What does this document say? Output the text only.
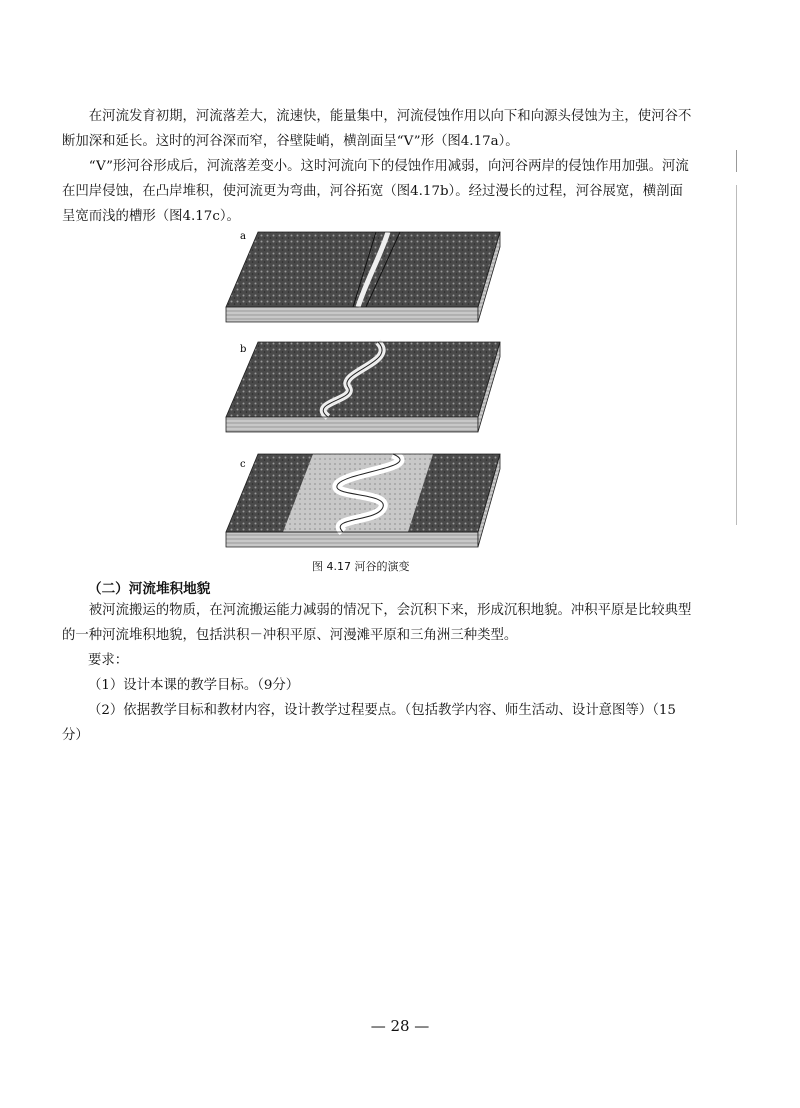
在河流发育初期，河流落差大，流速快，能量集中，河流侵蚀作用以向下和向源头侵蚀为主，使河谷不断加深和延长。这时的河谷深而窄，谷壁陡峭，横剖面呈“V”形（图4.17a）。
“V”形河谷形成后，河流落差变小。这时河流向下的侵蚀作用减弱，向河谷两岸的侵蚀作用加强。河流在凹岸侵蚀，在凸岸堆积，使河流更为弯曲，河谷拓宽（图4.17b）。经过漫长的过程，河谷展宽，横剖面呈宽而浅的槽形（图4.17c）。
a
b
c
图 4.17 河谷的演变
（二）河流堆积地貌
被河流搬运的物质，在河流搬运能力减弱的情况下，会沉积下来，形成沉积地貌。冲积平原是比较典型的一种河流堆积地貌，包括洪积－冲积平原、河漫滩平原和三角洲三种类型。
要求：
（1）设计本课的教学目标。（9分）
（2）依据教学目标和教材内容，设计教学过程要点。（包括教学内容、师生活动、设计意图等）（15分）
— 28 —
